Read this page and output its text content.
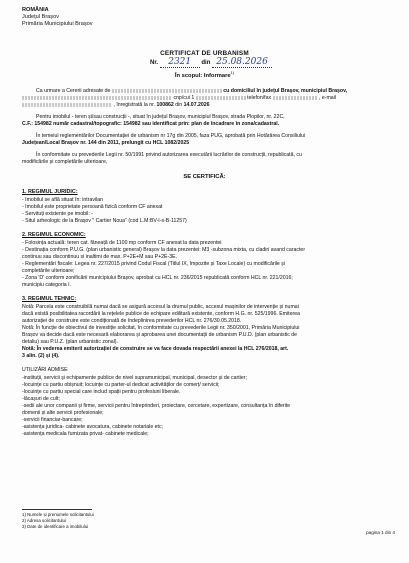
ROMÂNIA
Județul Brașov
Primăria Municipiului Brașov
CERTIFICAT DE URBANISM
Nr. 2321 din 25.08.2026
În scopul: Informare$^{1)}$
Ca urmare a Cererii adresate de	cu domiciliul în județul Brașov, municipiul Brașov,
cnp/cui 1	telefon/fax	, e-mail
, înregistrată la nr. 100862 din 14.07.2026
Pentru imobilul - teren și/sau construcții -, situat în județul Brașov, municipiul Brașov, strada Plopilor, nr. 22C,
C.F.: 154982 număr cadastral/topografic: 154982 sau identificat prin: plan de încadrare în zona/cadastral.
În temeiul reglementărilor Documentației de urbanism nr 17g din 2005, faza PUG, aprobată prin Hotărârea Consiliului
Județean/Local Brașov nr. 144 din 2011, prelungit cu HCL 1082/2025
În conformitate cu prevederile Legii nr. 50/1991 privind autorizarea executării lucrărilor de construcții, republicată, cu
modificările și completările ulterioare,
SE CERTIFICĂ:
1. REGIMUL JURIDIC:
- Imobilul se află situat în: intravilan
- Imobilul este proprietate persoană fizică conform CF anexat
- Servituți existente pe imobil: -
- Situl arheologic de la Brașov " Cartier Noua" (cod L.M:BV-I-s-B-11257)
2. REGIMUL ECONOMIC:
- Folosința actuală: teren cat. fâneață de 1100 mp conform CF anexat la data prezentei
- Destinația conform P.U.G. (plan urbanistic general) Brașov la data prezentei: M3 -subzona mixta, cu cladiri avand caracter
continuu sau discontinuu si inaltimi de max. P+2E+M sau P+2E-3E.
- Reglementări fiscale: Legea nr. 227/2015 privind Codul Fiscal (Titlul IX, Impozite și Taxe Locale) cu modificările și
completările ulterioare;
- Zona 'D' conform zonificării municipiului Brașov, aprobat cu HCL nr. 236/2015 republicată conform HCL nr. 221/2016;
municipiu categoria I.
3. REGIMUL TEHNIC:
Notă: Parcela este construibilă numai dacă se asigură accesul la drumul public, accesul mașinilor de intervenție și numai
dacă există posibilitatea racordării la rețelele publice de echipare edilitară existente, conform H.G. nr. 525/1996. Emiterea
autorizației de construire este condiționată de îndeplinirea prevederilor HCL nr. 276/30.05.2018.
Notă: În funcție de obiectivul de investiție solicitat, în conformitate cu prevederile Legii nr. 350/2001, Primăria Municipiului
Brașov va decide dacă este necesară elaborarea și aprobarea unei documentații de urbanism P.U.D. (plan urbanistic de
detaliu) sau P.U.Z. (plan urbanistic zonal).
Notă: În vederea emiterii autorizației de construire se va face dovada respectării anexei la HCL 276/2018, art.
3 alin. (2) și (4).
UTILIZĂRI ADMISE
-instituții, servicii și echipamente publice de nivel supramunicipal, municipal, desector și de cartier;
-locuințe cu partiu obișnuit; locuințe cu parter-ul dedicat activităților de comerț/ servicii;
-locuințe cu partiu special care includ spații pentru profesiuni liberale.
-lăcașuri de cult;
-sedii ale unor companii și firme, servicii pentru întreprinderi, proiectare, cercetare, expertizare, consultanța în diferite
domenii și alte servicii profesionale;
-servicii financiar-bancare;
-asistența juridica- cabinete avocatura, cabinete notariale etc;
-asistența medicala furnizata privat- cabinete medicale;
1) Numele și prenumele solicitantului
2) Adresa solicitantului
3) Date de identificare a imobilului
pagina 1 din 4
